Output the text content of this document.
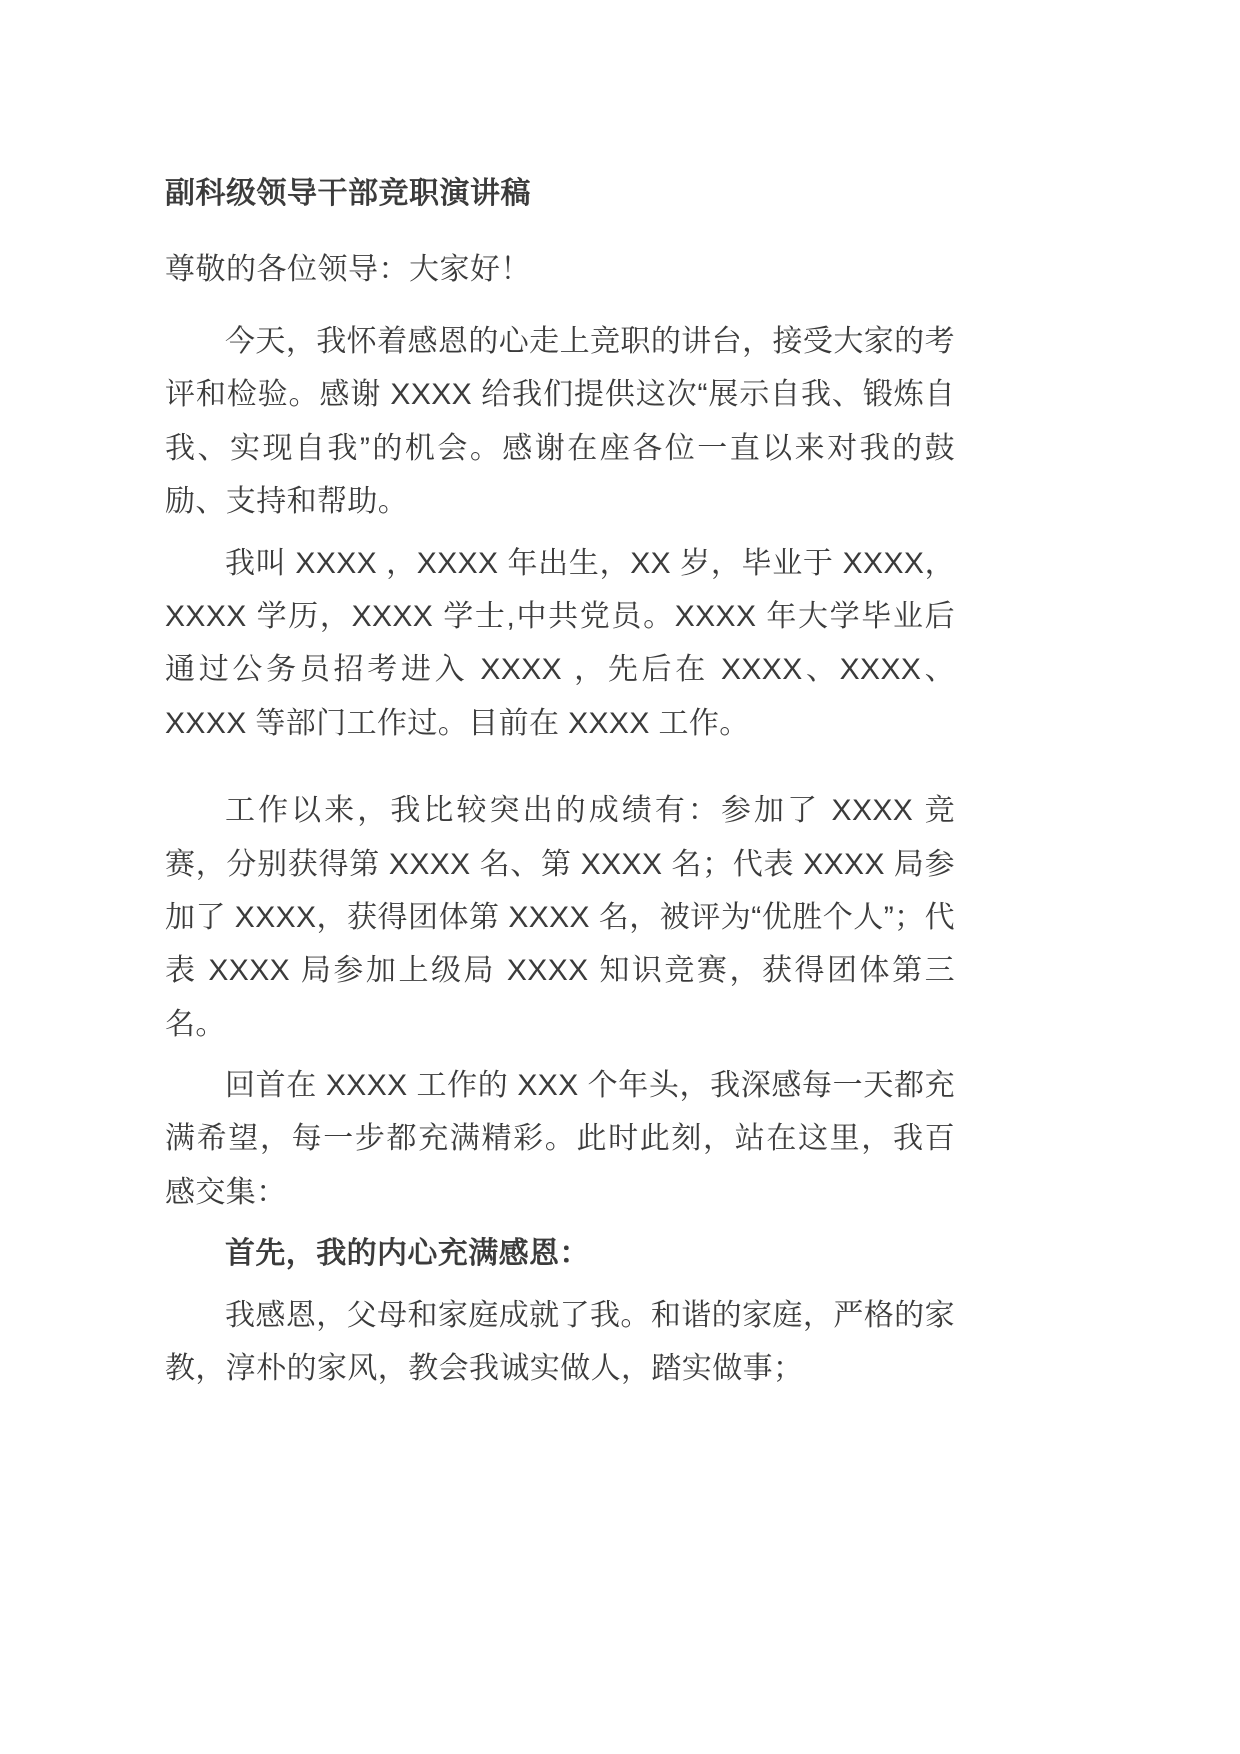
副科级领导干部竞职演讲稿

尊敬的各位领导：大家好！

今天，我怀着感恩的心走上竞职的讲台，接受大家的考评和检验。感谢 XXXX 给我们提供这次“展示自我、锻炼自我、实现自我”的机会。感谢在座各位一直以来对我的鼓励、支持和帮助。

我叫 XXXX ，XXXX 年出生，XX 岁，毕业于 XXXX，XXXX 学历，XXXX 学士,中共党员。XXXX 年大学毕业后通过公务员招考进入 XXXX ，先后在 XXXX、XXXX、XXXX 等部门工作过。目前在 XXXX 工作。

工作以来，我比较突出的成绩有：参加了 XXXX 竞赛，分别获得第 XXXX 名、第 XXXX 名；代表 XXXX 局参加了 XXXX，获得团体第 XXXX 名，被评为“优胜个人”；代表 XXXX 局参加上级局 XXXX 知识竞赛，获得团体第三名。

回首在 XXXX 工作的 XXX 个年头，我深感每一天都充满希望，每一步都充满精彩。此时此刻，站在这里，我百感交集：

首先，我的内心充满感恩：

我感恩，父母和家庭成就了我。和谐的家庭，严格的家教，淳朴的家风，教会我诚实做人，踏实做事；
